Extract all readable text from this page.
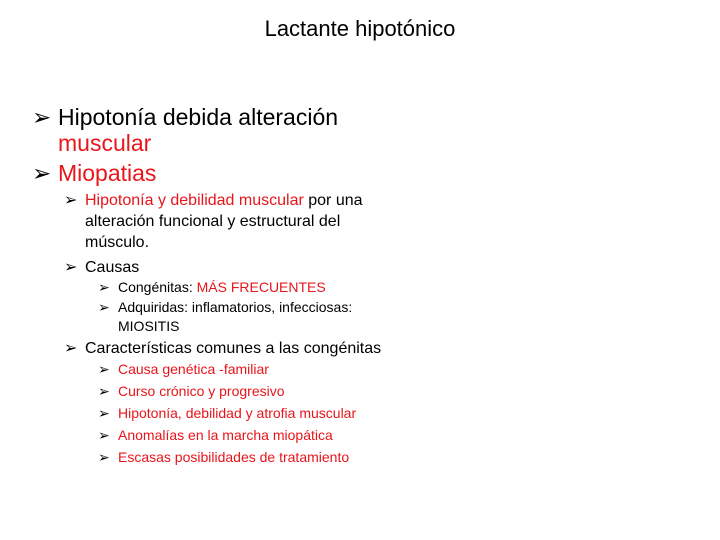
Lactante hipotónico
➢ Hipotonía debida alteración muscular
➢ Miopatias
➢ Hipotonía y debilidad muscular por una alteración funcional y estructural del músculo.
➢ Causas
➢ Congénitas: MÁS FRECUENTES
➢ Adquiridas: inflamatorios, infecciosas: MIOSITIS
➢ Características comunes a las congénitas
➢ Causa genética -familiar
➢ Curso crónico y progresivo
➢ Hipotonía, debilidad y atrofia muscular
➢ Anomalías en la marcha miopática
➢ Escasas posibilidades de tratamiento
